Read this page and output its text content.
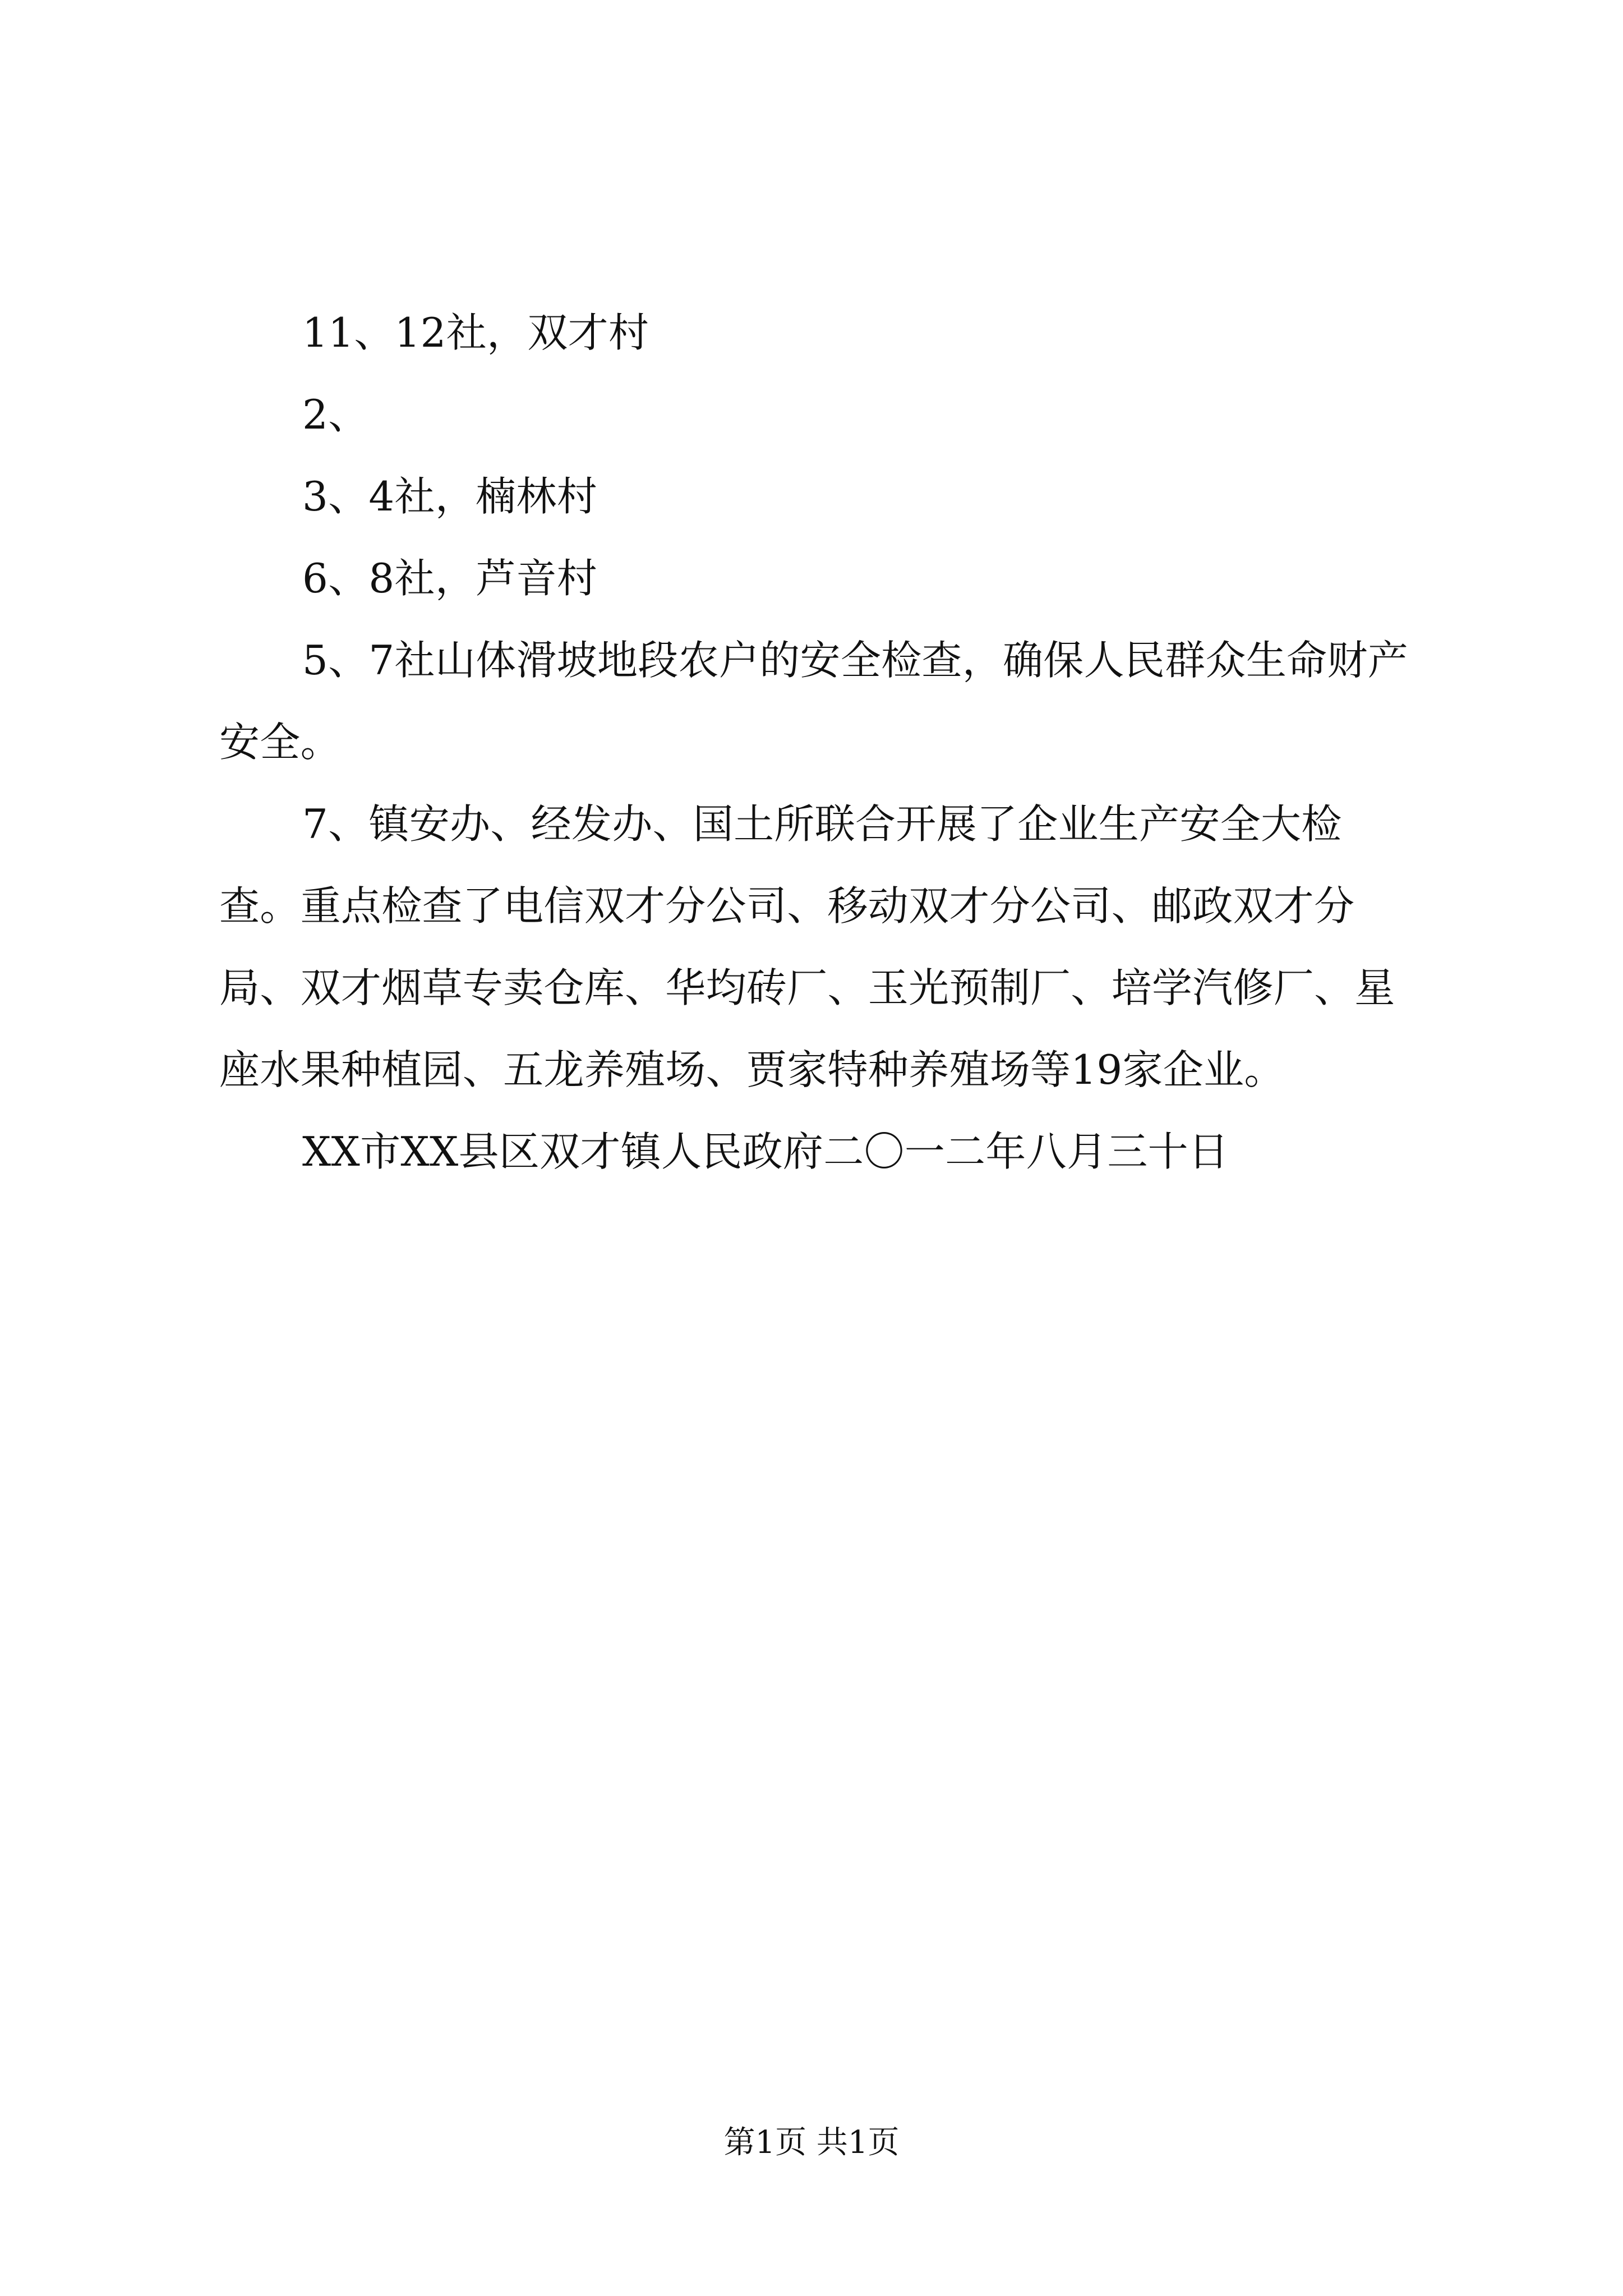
11、12社，双才村

2、

3、4社，楠林村

6、8社，芦音村

5、7社山体滑坡地段农户的安全检查，确保人民群众生命财产安全。

7、镇安办、经发办、国土所联合开展了企业生产安全大检查。重点检查了电信双才分公司、移动双才分公司、邮政双才分局、双才烟草专卖仓库、华均砖厂、玉光预制厂、培学汽修厂、星座水果种植园、五龙养殖场、贾家特种养殖场等19家企业。

XX市XX县区双才镇人民政府二〇一二年八月三十日

第1页 共1页
